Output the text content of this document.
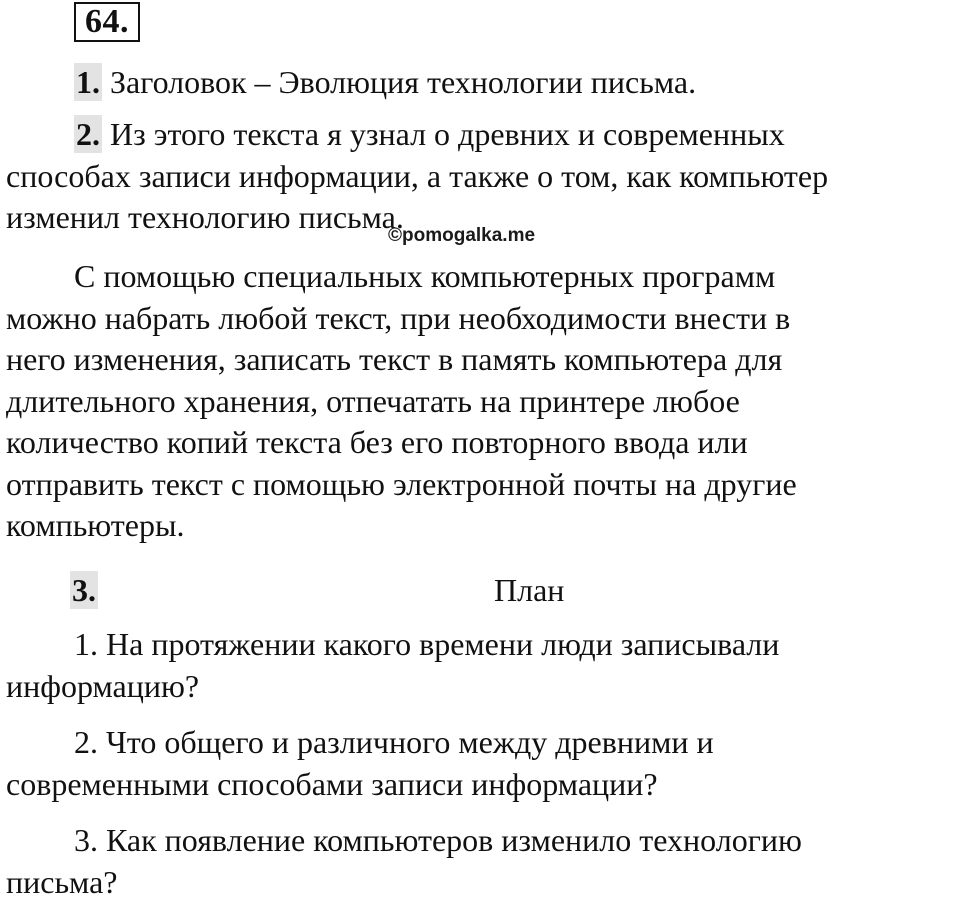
64.
1. Заголовок – Эволюция технологии письма.
2. Из этого текста я узнал о древних и современных
способах записи информации, а также о том, как компьютер
изменил технологию письма.
©pomogalka.me
С помощью специальных компьютерных программ
можно набрать любой текст, при необходимости внести в
него изменения, записать текст в память компьютера для
длительного хранения, отпечатать на принтере любое
количество копий текста без его повторного ввода или
отправить текст с помощью электронной почты на другие
компьютеры.
3.	План
1. На протяжении какого времени люди записывали
информацию?
2. Что общего и различного между древними и
современными способами записи информации?
3. Как появление компьютеров изменило технологию
письма?
